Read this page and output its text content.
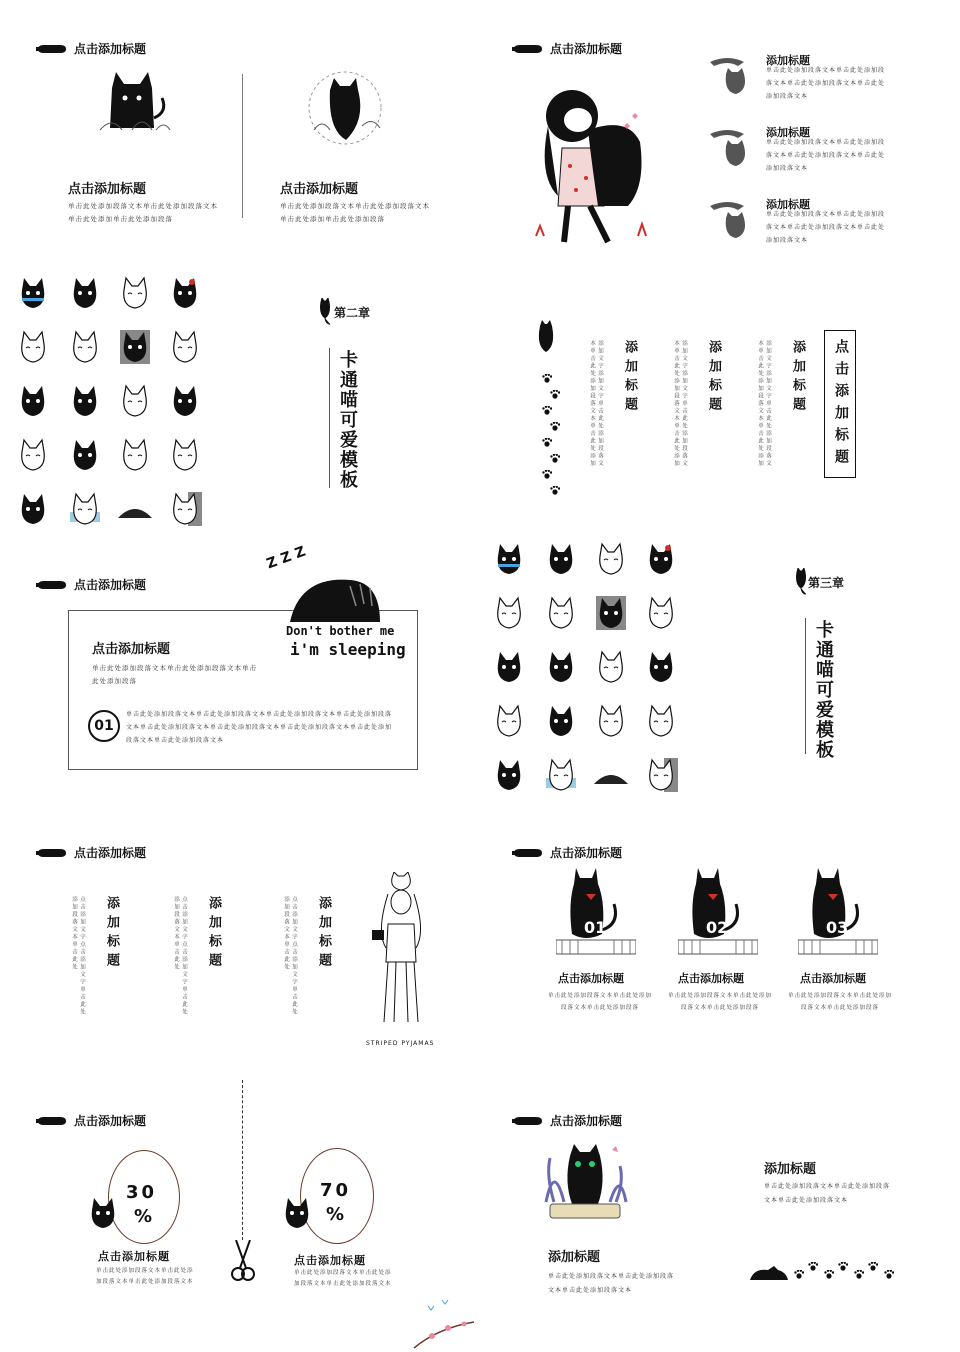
点击添加标题
点击添加标题
单击此处添加段落文本单击此处添加段落文本单击此处添加单击此处添加段落
点击添加标题
单击此处添加段落文本单击此处添加段落文本单击此处添加单击此处添加段落
点击添加标题
添加标题
单击此处添加段落文本单击此处添加段落文本单击此处添加段落文本单击此处添加段落文本
添加标题
单击此处添加段落文本单击此处添加段落文本单击此处添加段落文本单击此处添加段落文本
添加标题
单击此处添加段落文本单击此处添加段落文本单击此处添加段落文本单击此处添加段落文本
第二章
卡通喵可爱模板	添加文字添加文字单击此处添加段落文本单击此处添加段落文本单击此处添加	添加标题	添加文字添加文字单击此处添加段落文本单击此处添加段落文本单击此处添加	添加标题	添加文字添加文字单击此处添加段落文本单击此处添加段落文本单击此处添加	添加标题 点击添加标题
点击添加标题
点击添加标题
单击此处添加段落文本单击此处添加段落文本单击此处添加段落
01
单击此处添加段落文本单击此处添加段落文本单击此处添加段落文本单击此处添加段落文本单击此处添加段落文本单击此处添加段落文本单击此处添加段落文本单击此处添加段落文本单击此处添加段落文本
Z Z Z
Don't bother me
i'm sleeping
第三章
卡通喵可爱模板
点击添加标题
点击添加文字点击添加文字单击此处添加段落文本单击此处	添加标题	点击添加文字点击添加文字单击此处添加段落文本单击此处	添加标题	点击添加文字点击添加文字单击此处添加段落文本单击此处	添加标题
STRIPED PYJAMAS
点击添加标题
01
点击添加标题
单击此处添加段落文本单击此处添加段落文本单击此处添加段落
02
点击添加标题
单击此处添加段落文本单击此处添加段落文本单击此处添加段落
03
点击添加标题
单击此处添加段落文本单击此处添加段落文本单击此处添加段落
点击添加标题
30
%
点击添加标题
单击此处添加段落文本单击此处添加段落文本单击此处添加段落文本
70
%
点击添加标题
单击此处添加段落文本单击此处添加段落文本单击此处添加段落文本
点击添加标题
添加标题
单击此处添加段落文本单击此处添加段落文本单击此处添加段落文本
添加标题
单击此处添加段落文本单击此处添加段落文本单击此处添加段落文本
